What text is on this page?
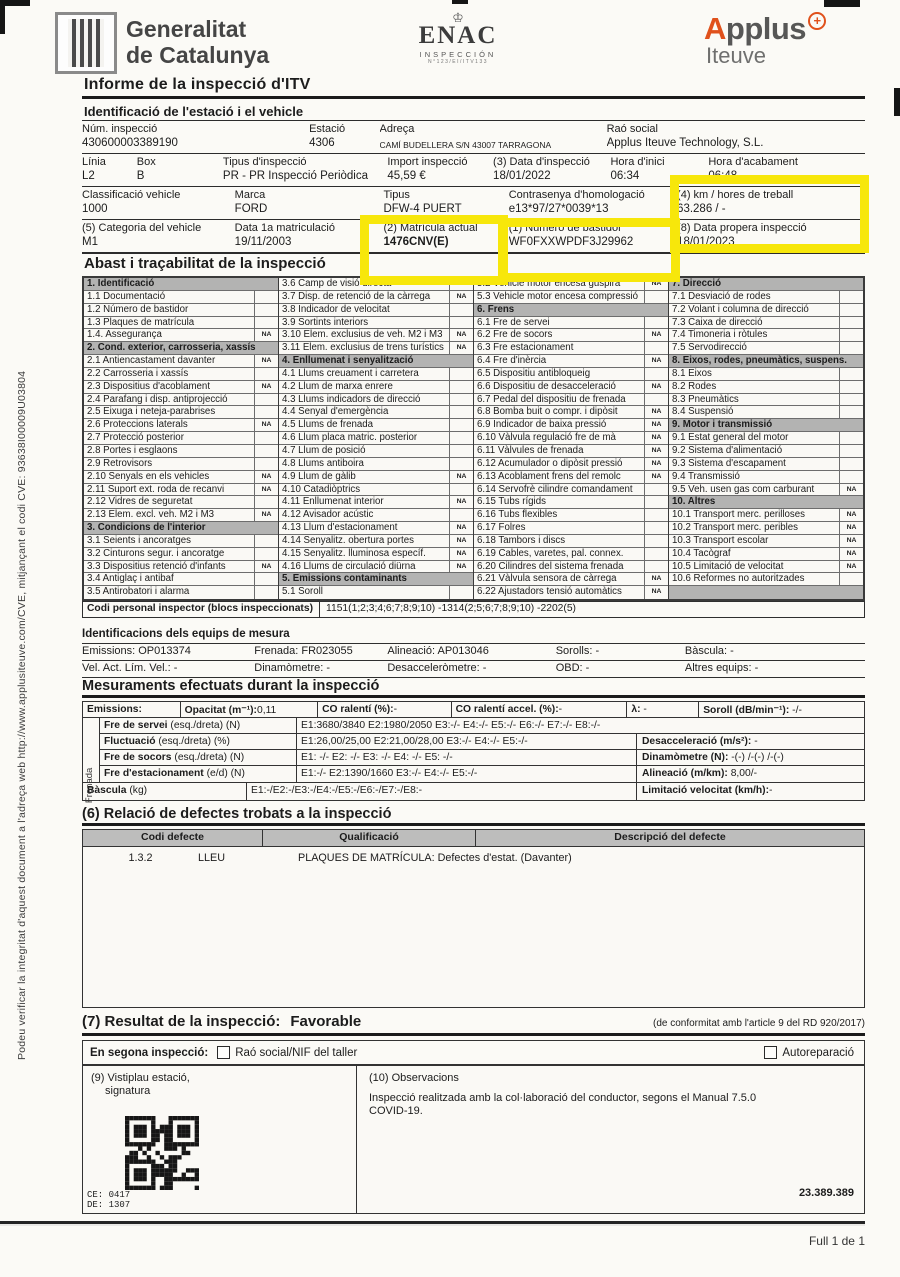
Podeu verificar la integritat d'aquest document a l'adreça web http://www.applusiteuve.com/CVE, mitjançant el codi CVE: 93638I00009U03804
Generalitat
de Catalunya
♔
ENAC
INSPECCIÓN
N°123/EI/ITV133
Applus +
Iteuve
Informe de la inspecció d'ITV
Identificació de l'estació i el vehicle
Núm. inspecció
430600003389190
Estació
4306
Adreça
CAMÍ BUDELLERA S/N 43007 TARRAGONA
Raó social
Applus Iteuve Technology, S.L.
Línia
L2
Box
B
Tipus d'inspecció
PR - PR Inspecció Periòdica
Import inspecció
45,59 €
(3) Data d'inspecció
18/01/2022
Hora d'inici
06:34
Hora d'acabament
06:48
Classificació vehicle
1000
Marca
FORD
Tipus
DFW-4 PUERT
Contrasenya d'homologació
e13*97/27*0039*13
(4) km / hores de treball
63.286 / -
(5) Categoria del vehicle
M1
Data 1a matriculació
19/11/2003
(2) Matrícula actual
1476CNV(E)
(1) Número de bastidor
WF0FXXWPDF3J29962
(8) Data propera inspecció
18/01/2023
Abast i traçabilitat de la inspecció
1. Identificació
1.1 Documentació
1.2 Número de bastidor
1.3 Plaques de matrícula
1.4. Assegurança	NA
2. Cond. exterior, carrosseria, xassís
2.1 Antiencastament davanter	NA
2.2 Carrosseria i xassís
2.3 Dispositius d'acoblament	NA
2.4 Parafang i disp. antiprojecció
2.5 Eixuga i neteja-parabrises
2.6 Proteccions laterals	NA
2.7 Protecció posterior
2.8 Portes i esglaons
2.9 Retrovisors
2.10 Senyals en els vehicles	NA
2.11 Suport ext. roda de recanvi	NA
2.12 Vidres de seguretat
2.13 Elem. excl. veh. M2 i M3	NA
3. Condicions de l'interior
3.1 Seients i ancoratges
3.2 Cinturons segur. i ancoratge
3.3 Dispositius retenció d'infants	NA
3.4 Antiglaç i antibaf
3.5 Antirobatori i alarma
3.6 Camp de visió directa
3.7 Disp. de retenció de la càrrega	NA
3.8 Indicador de velocitat
3.9 Sortints interiors
3.10 Elem. exclusius de veh. M2 i M3	NA
3.11 Elem. exclusius de trens turístics	NA
4. Enllumenat i senyalització
4.1 Llums creuament i carretera
4.2 Llum de marxa enrere
4.3 Llums indicadors de direcció
4.4 Senyal d'emergència
4.5 Llums de frenada
4.6 Llum placa matric. posterior
4.7 Llum de posició
4.8 Llums antiboira
4.9 Llum de gàlib	NA
4.10 Catadiòptrics
4.11 Enllumenat interior	NA
4.12 Avisador acústic
4.13 Llum d'estacionament	NA
4.14 Senyalitz. obertura portes	NA
4.15 Senyalitz. lluminosa específ.	NA
4.16 Llums de circulació diürna	NA
5. Emissions contaminants
5.1 Soroll
5.2 Vehicle motor encesa guspira	NA
5.3 Vehicle motor encesa compressió
6. Frens
6.1 Fre de servei
6.2 Fre de socors	NA
6.3 Fre estacionament
6.4 Fre d'inèrcia	NA
6.5 Dispositiu antibloqueig
6.6 Dispositiu de desacceleració	NA
6.7 Pedal del dispositiu de frenada
6.8 Bomba buit o compr. i dipòsit	NA
6.9 Indicador de baixa pressió	NA
6.10 Vàlvula regulació fre de mà	NA
6.11 Vàlvules de frenada	NA
6.12 Acumulador o dipòsit pressió	NA
6.13 Acoblament frens del remolc	NA
6.14 Servofrè cilindre comandament
6.15 Tubs rígids
6.16 Tubs flexibles
6.17 Folres
6.18 Tambors i discs
6.19 Cables, varetes, pal. connex.
6.20 Cilindres del sistema frenada
6.21 Vàlvula sensora de càrrega	NA
6.22 Ajustadors tensió automàtics	NA
7. Direcció
7.1 Desviació de rodes
7.2 Volant i columna de direcció
7.3 Caixa de direcció
7.4 Timoneria i ròtules
7.5 Servodirecció
8. Eixos, rodes, pneumàtics, suspens.
8.1 Eixos
8.2 Rodes
8.3 Pneumàtics
8.4 Suspensió
9. Motor i transmissió
9.1 Estat general del motor
9.2 Sistema d'alimentació
9.3 Sistema d'escapament
9.4 Transmissió
9.5 Veh. usen gas com carburant	NA
10. Altres
10.1 Transport merc. perilloses	NA
10.2 Transport merc. peribles	NA
10.3 Transport escolar	NA
10.4 Tacògraf	NA
10.5 Limitació de velocitat	NA
10.6 Reformes no autoritzades
Codi personal inspector (blocs inspeccionats)	1151(1;2;3;4;6;7;8;9;10) -1314(2;5;6;7;8;9;10) -2202(5)
Identificacions dels equips de mesura
Emissions: OP013374	Frenada: FR023055	Alineació: AP013046	Sorolls: -	Bàscula: -
Vel. Act. Lím. Vel.: -	Dinamòmetre: -	Desacceleròmetre: -	OBD: -	Altres equips: -
Mesuraments efectuats durant la inspecció
Emissions:	Opacitat (m⁻¹):0,11	CO ralentí (%):-	CO ralentí accel. (%):-	λ: -	Soroll (dB/min⁻¹): -/-
Frenada
Fre de servei (esq./dreta) (N)	E1:3680/3840 E2:1980/2050 E3:-/- E4:-/- E5:-/- E6:-/- E7:-/- E8:-/-
Fluctuació (esq./dreta) (%)	E1:26,00/25,00 E2:21,00/28,00 E3:-/- E4:-/- E5:-/-	Desacceleració (m/s²): -
Fre de socors (esq./dreta) (N)	E1: -/- E2: -/- E3: -/- E4: -/- E5: -/-	Dinamòmetre (N): -(-) /-(-) /-(-)
Fre d'estacionament (e/d) (N)	E1:-/- E2:1390/1660 E3:-/- E4:-/- E5:-/-	Alineació (m/km): 8,00/-
Bàscula (kg)	E1:-/E2:-/E3:-/E4:-/E5:-/E6:-/E7:-/E8:-	Limitació velocitat (km/h):-
(6) Relació de defectes trobats a la inspecció
Codi defecte	Qualificació	Descripció del defecte
1.3.2	LLEU	PLAQUES DE MATRÍCULA: Defectes d'estat. (Davanter)
(7) Resultat de la inspecció: Favorable	(de conformitat amb l'article 9 del RD 920/2017)
En segona inspecció: Raó social/NIF del taller	Autoreparació
(9) Vistiplau estació,
signatura
CE: 0417
DE: 1307
(10) Observacions
Inspecció realitzada amb la col·laboració del conductor, segons el Manual 7.5.0
COVID-19.
23.389.389
Full 1 de 1
